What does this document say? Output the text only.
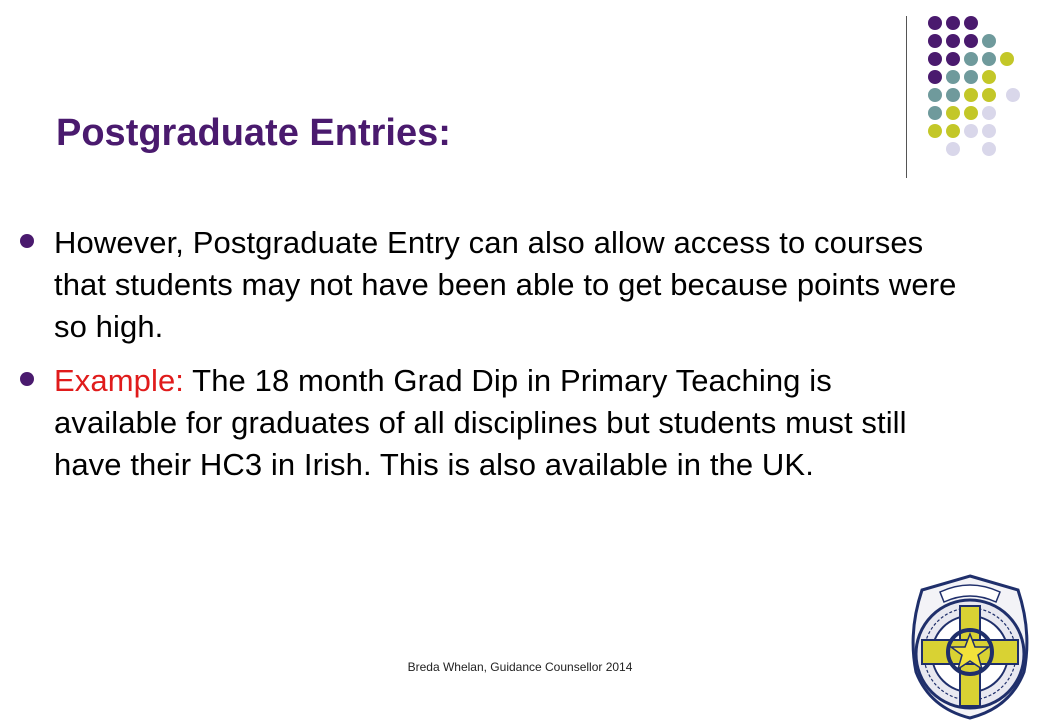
Postgraduate Entries:
However, Postgraduate Entry can also allow access to courses that students may not have been able to get because points were so high.
Example: The 18 month Grad Dip in Primary Teaching is available for graduates of all disciplines but students must still have their HC3 in Irish. This is also available in the UK.
Breda Whelan, Guidance Counsellor 2014
